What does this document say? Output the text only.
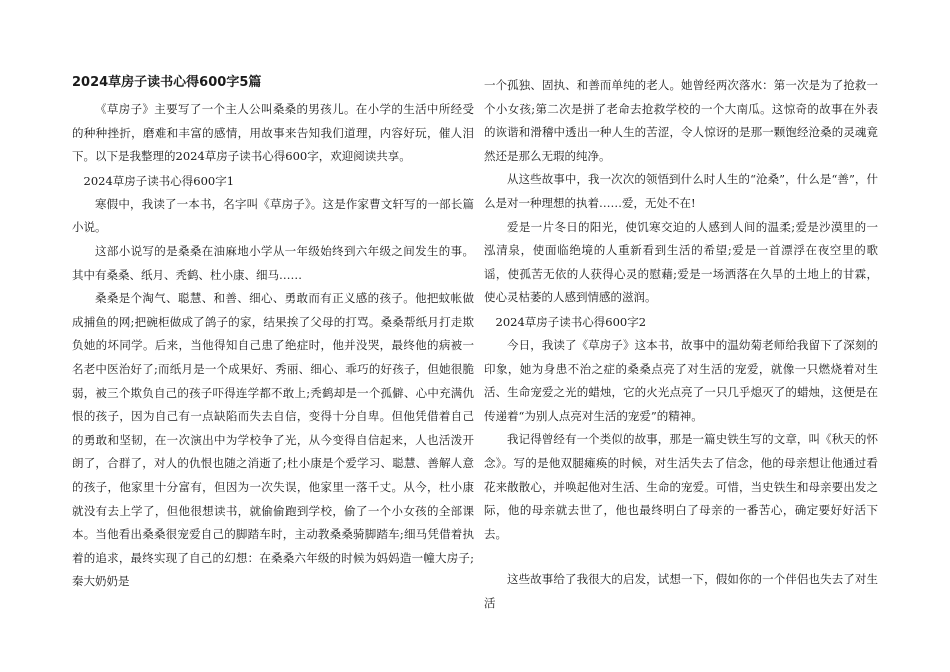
2024草房子读书心得600字5篇

《草房子》主要写了一个主人公叫桑桑的男孩儿。在小学的生活中所经受的种种挫折，磨难和丰富的感情，用故事来告知我们道理，内容好玩，催人泪下。以下是我整理的2024草房子读书心得600字，欢迎阅读共享。

2024草房子读书心得600字1

寒假中，我读了一本书，名字叫《草房子》。这是作家曹文轩写的一部长篇小说。

这部小说写的是桑桑在油麻地小学从一年级始终到六年级之间发生的事。其中有桑桑、纸月、秃鹤、杜小康、细马……

桑桑是个淘气、聪慧、和善、细心、勇敢而有正义感的孩子。他把蚊帐做成捕鱼的网;把碗柜做成了鸽子的家，结果挨了父母的打骂。桑桑帮纸月打走欺负她的坏同学。后来，当他得知自己患了绝症时，他并没哭，最终他的病被一名老中医治好了;而纸月是一个成果好、秀丽、细心、乖巧的好孩子，但她很脆弱，被三个欺负自己的孩子吓得连学都不敢上;秃鹤却是一个孤僻、心中充满仇恨的孩子，因为自己有一点缺陷而失去自信，变得十分自卑。但他凭借着自己的勇敢和坚韧，在一次演出中为学校争了光，从今变得自信起来，人也活泼开朗了，合群了，对人的仇恨也随之消逝了;杜小康是个爱学习、聪慧、善解人意的孩子，他家里十分富有，但因为一次失误，他家里一落千丈。从今，杜小康就没有去上学了，但他很想读书，就偷偷跑到学校，偷了一个小女孩的全部课本。当他看出桑桑很宠爱自己的脚踏车时，主动教桑桑骑脚踏车;细马凭借着执着的追求，最终实现了自己的幻想：在桑桑六年级的时候为妈妈造一幢大房子;秦大奶奶是

一个孤独、固执、和善而单纯的老人。她曾经两次落水：第一次是为了抢救一个小女孩;第二次是拼了老命去抢救学校的一个大南瓜。这惊奇的故事在外表的诙谐和滑稽中透出一种人生的苦涩，令人惊讶的是那一颗饱经沧桑的灵魂竟然还是那么无瑕的纯净。

从这些故事中，我一次次的领悟到什么时人生的“沧桑”，什么是“善”，什么是对一种理想的执着……爱，无处不在!

爱是一片冬日的阳光，使饥寒交迫的人感到人间的温柔;爱是沙漠里的一泓清泉，使面临绝境的人重新看到生活的希望;爱是一首漂浮在夜空里的歌谣，使孤苦无依的人获得心灵的慰藉;爱是一场洒落在久旱的土地上的甘霖，使心灵枯萎的人感到情感的滋润。

2024草房子读书心得600字2

今日，我读了《草房子》这本书，故事中的温幼菊老师给我留下了深刻的印象，她为身患不治之症的桑桑点亮了对生活的宠爱，就像一只燃烧着对生活、生命宠爱之光的蜡烛，它的火光点亮了一只几乎熄灭了的蜡烛，这便是在传递着“为别人点亮对生活的宠爱”的精神。

我记得曾经有一个类似的故事，那是一篇史铁生写的文章，叫《秋天的怀念》。写的是他双腿瘫痪的时候，对生活失去了信念，他的母亲想让他通过看花来散散心，并唤起他对生活、生命的宠爱。可惜，当史铁生和母亲要出发之际，他的母亲就去世了，他也最终明白了母亲的一番苦心，确定要好好活下去。

这些故事给了我很大的启发，试想一下，假如你的一个伴侣也失去了对生活
